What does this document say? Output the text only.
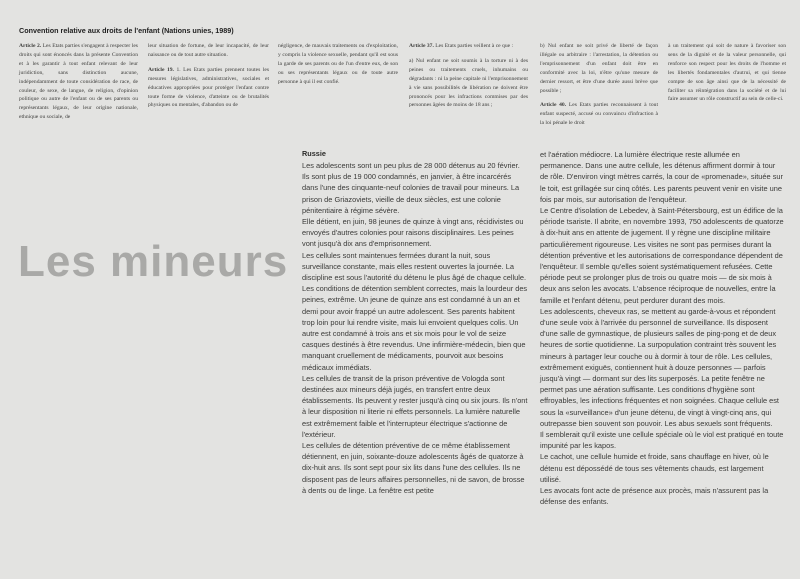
Convention relative aux droits de l'enfant (Nations unies, 1989)

Article 2. Les Etats parties s'engagent à respecter les droits qui sont énoncés dans la présente Convention et à les garantir à tout enfant relevant de leur juridiction, sans distinction aucune, indépendamment de toute considération de race, de couleur, de sexe, de langue, de religion, d'opinion politique ou autre de l'enfant ou de ses parents ou représentants légaux, de leur origine nationale, ethnique ou sociale, de

leur situation de fortune, de leur incapacité, de leur naissance ou de tout autre situation.

Article 19. 1. Les Etats parties prennent toutes les mesures législatives, administratives, sociales et éducatives appropriées pour protéger l'enfant contre toute forme de violence, d'atteinte ou de brutalités physiques ou mentales, d'abandon ou de

négligence, de mauvais traitements ou d'exploitation, y compris la violence sexuelle, pendant qu'il est sous la garde de ses parents ou de l'un d'entre eux, de son ou ses représentants légaux ou de toute autre personne à qui il est confié.

Article 37. Les Etats parties veillent à ce que :

a) Nul enfant ne soit soumis à la torture ni à des peines ou traitements cruels, inhumains ou dégradants : ni la peine capitale ni l'emprisonnement à vie sans possibilités de libération ne doivent être prononcés pour les infractions commises par des personnes âgées de moins de 18 ans ;

b) Nul enfant ne soit privé de liberté de façon illégale ou arbitraire : l'arrestation, la détention ou l'emprisonnement d'un enfant doit être en conformité avec la loi, n'être qu'une mesure de dernier ressort, et être d'une durée aussi brève que possible ;

Article 40. Les Etats parties reconnaissent à tout enfant suspecté, accusé ou convaincu d'infraction à la loi pénale le droit

à un traitement qui soit de nature à favoriser son sens de la dignité et de la valeur personnelle, qui renforce son respect pour les droits de l'homme et les libertés fondamentales d'autrui, et qui tienne compte de son âge ainsi que de la nécessité de faciliter sa réintégration dans la société et de lui faire assumer un rôle constructif au sein de celle-ci.

Les mineurs
Russie

Les adolescents sont un peu plus de 28 000 détenus au 20 février. Ils sont plus de 19 000 condamnés, en janvier, à être incarcérés dans l'une des cinquante-neuf colonies de travail pour mineurs. La prison de Griazoviets, vieille de deux siècles, est une colonie pénitentiaire à régime sévère.

Elle détient, en juin, 98 jeunes de quinze à vingt ans, récidivistes ou envoyés d'autres colonies pour raisons disciplinaires. Les peines vont jusqu'à dix ans d'emprisonnement.

Les cellules sont maintenues fermées durant la nuit, sous surveillance constante, mais elles restent ouvertes la journée. La discipline est sous l'autorité du détenu le plus âgé de chaque cellule.

Les conditions de détention semblent correctes, mais la lourdeur des peines, extrême. Un jeune de quinze ans est condamné à un an et demi pour avoir frappé un autre adolescent. Ses parents habitent trop loin pour lui rendre visite, mais lui envoient quelques colis. Un autre est condamné à trois ans et six mois pour le vol de seize casques destinés à être revendus. Une infirmière-médecin, bien que manquant cruellement de médicaments, pourvoit aux besoins médicaux immédiats.

Les cellules de transit de la prison préventive de Vologda sont destinées aux mineurs déjà jugés, en transfert entre deux établissements. Ils peuvent y rester jusqu'à cinq ou six jours. Ils n'ont à leur disposition ni literie ni effets personnels. La lumière naturelle est extrêmement faible et l'interrupteur électrique s'actionne de l'extérieur.

Les cellules de détention préventive de ce même établissement détiennent, en juin, soixante-douze adolescents âgés de quatorze à dix-huit ans. Ils sont sept pour six lits dans l'une des cellules. Ils ne disposent pas de leurs affaires personnelles, ni de savon, de brosse à dents ou de linge. La fenêtre est petite

et l'aération médiocre. La lumière électrique reste allumée en permanence. Dans une autre cellule, les détenus affirment dormir à tour de rôle. D'environ vingt mètres carrés, la cour de «promenade», située sur le toit, est grillagée sur cinq côtés. Les parents peuvent venir en visite une fois par mois, sur autorisation de l'enquêteur.

Le Centre d'isolation de Lebedev, à Saint-Pétersbourg, est un édifice de la période tsariste. Il abrite, en novembre 1993, 750 adolescents de quatorze à dix-huit ans en attente de jugement. Il y règne une discipline militaire particulièrement rigoureuse. Les visites ne sont pas permises durant la détention préventive et les autorisations de correspondance dépendent de l'enquêteur. Il semble qu'elles soient systématiquement refusées. Cette période peut se prolonger plus de trois ou quatre mois — de six mois à deux ans selon les avocats. L'absence réciproque de nouvelles, entre la famille et l'enfant détenu, peut perdurer durant des mois.

Les adolescents, cheveux ras, se mettent au garde-à-vous et répondent d'une seule voix à l'arrivée du personnel de surveillance. Ils disposent d'une salle de gymnastique, de plusieurs salles de ping-pong et de deux heures de sortie quotidienne. La surpopulation contraint très souvent les mineurs à partager leur couche ou à dormir à tour de rôle. Les cellules, extrêmement exiguës, contiennent huit à douze personnes — parfois jusqu'à vingt — dormant sur des lits superposés. La petite fenêtre ne permet pas une aération suffisante. Les conditions d'hygiène sont effroyables, les infections fréquentes et non soignées. Chaque cellule est sous la «surveillance» d'un jeune détenu, de vingt à vingt-cinq ans, qui outrepasse bien souvent son pouvoir. Les abus sexuels sont fréquents.

Il semblerait qu'il existe une cellule spéciale où le viol est pratiqué en toute impunité par les kapos.

Le cachot, une cellule humide et froide, sans chauffage en hiver, où le détenu est dépossédé de tous ses vêtements chauds, est largement utilisé.

Les avocats font acte de présence aux procès, mais n'assurent pas la défense des enfants.
